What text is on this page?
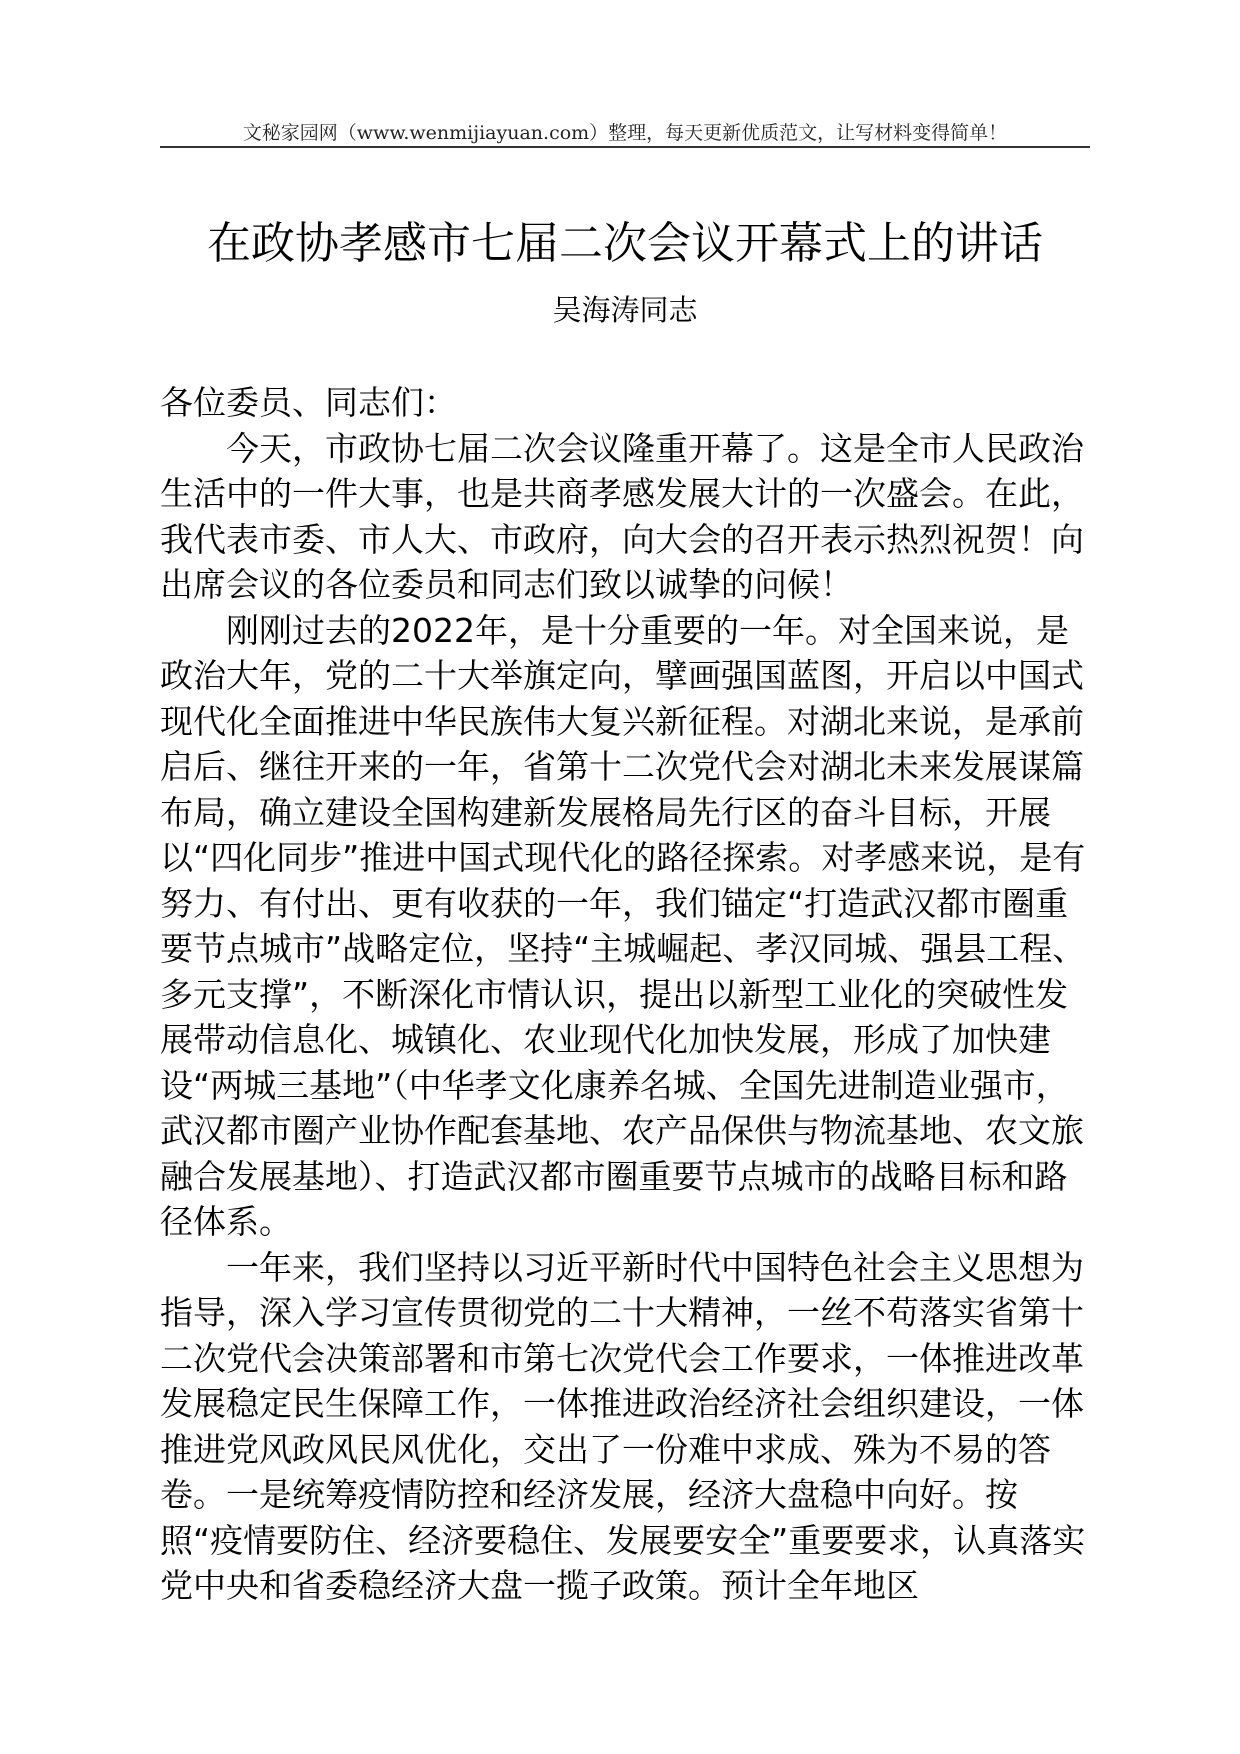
文秘家园网（www.wenmijiayuan.com）整理，每天更新优质范文，让写材料变得简单！
在政协孝感市七届二次会议开幕式上的讲话
吴海涛同志

各位委员、同志们：

今天，市政协七届二次会议隆重开幕了。这是全市人民政治生活中的一件大事，也是共商孝感发展大计的一次盛会。在此，我代表市委、市人大、市政府，向大会的召开表示热烈祝贺！向出席会议的各位委员和同志们致以诚挚的问候！

刚刚过去的2022年，是十分重要的一年。对全国来说，是政治大年，党的二十大举旗定向，擘画强国蓝图，开启以中国式现代化全面推进中华民族伟大复兴新征程。对湖北来说，是承前启后、继往开来的一年，省第十二次党代会对湖北未来发展谋篇布局，确立建设全国构建新发展格局先行区的奋斗目标，开展以“四化同步”推进中国式现代化的路径探索。对孝感来说，是有努力、有付出、更有收获的一年，我们锚定“打造武汉都市圈重要节点城市”战略定位，坚持“主城崛起、孝汉同城、强县工程、多元支撑”，不断深化市情认识，提出以新型工业化的突破性发展带动信息化、城镇化、农业现代化加快发展，形成了加快建设“两城三基地”（中华孝文化康养名城、全国先进制造业强市，武汉都市圈产业协作配套基地、农产品保供与物流基地、农文旅融合发展基地）、打造武汉都市圈重要节点城市的战略目标和路径体系。

一年来，我们坚持以习近平新时代中国特色社会主义思想为指导，深入学习宣传贯彻党的二十大精神，一丝不苟落实省第十二次党代会决策部署和市第七次党代会工作要求，一体推进改革发展稳定民生保障工作，一体推进政治经济社会组织建设，一体推进党风政风民风优化，交出了一份难中求成、殊为不易的答卷。一是统筹疫情防控和经济发展，经济大盘稳中向好。按照“疫情要防住、经济要稳住、发展要安全”重要要求，认真落实党中央和省委稳经济大盘一揽子政策。预计全年地区
